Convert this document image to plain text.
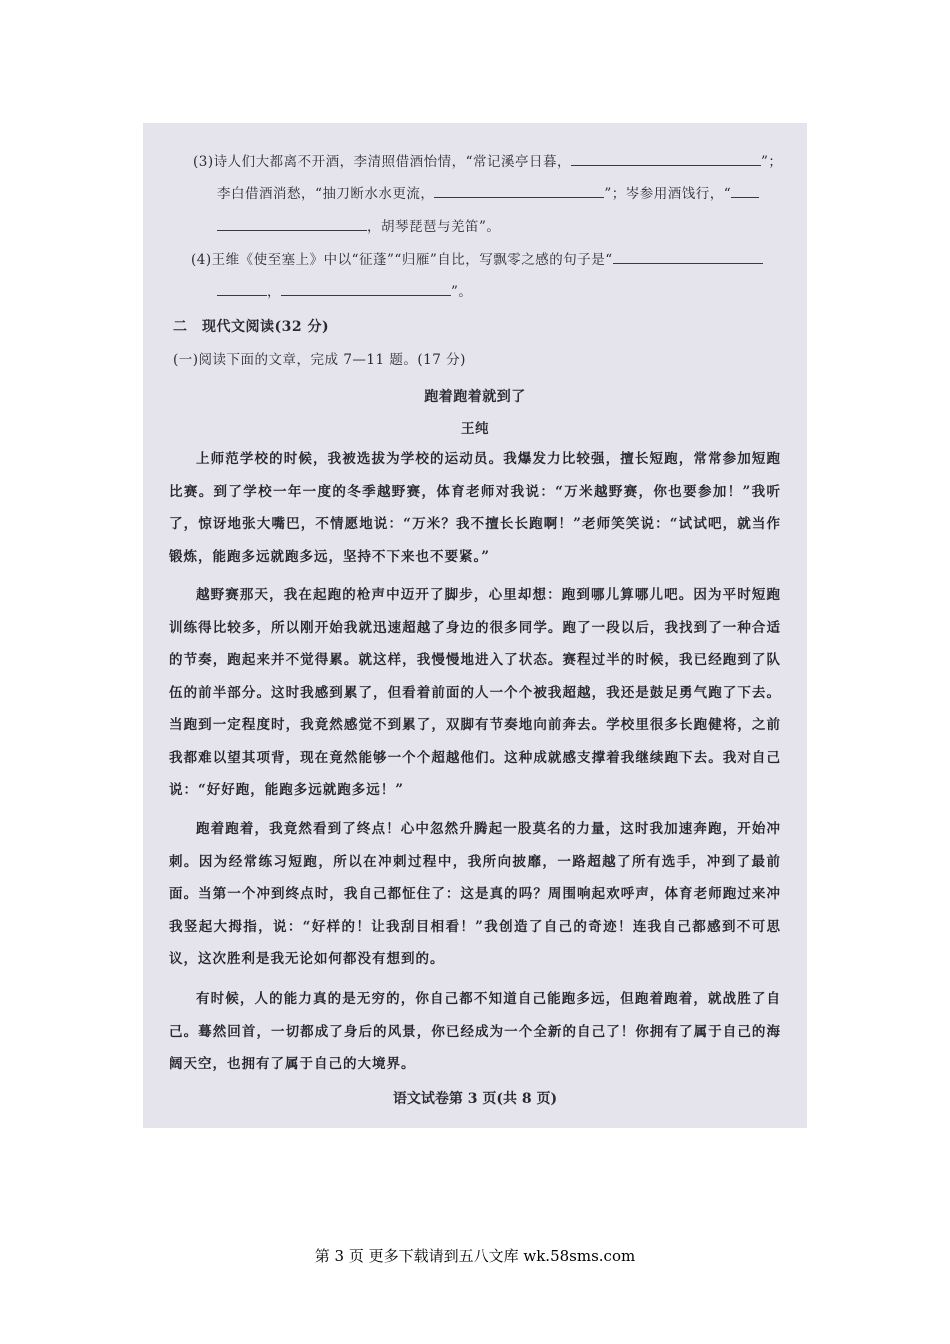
(3)诗人们大都离不开酒，李清照借酒怡情，“常记溪亭日暮，	”；
李白借酒消愁，“抽刀断水水更流，	”；岑参用酒饯行，“
，胡琴琵琶与羌笛”。
(4)王维《使至塞上》中以“征蓬”“归雁”自比，写飘零之感的句子是“
，	”。
二　现代文阅读(32 分)
(一)阅读下面的文章，完成 7—11 题。(17 分)
跑着跑着就到了
王纯
上师范学校的时候，我被选拔为学校的运动员。我爆发力比较强，擅长短跑，常常参加短跑比赛。到了学校一年一度的冬季越野赛，体育老师对我说：“万米越野赛，你也要参加！”我听了，惊讶地张大嘴巴，不情愿地说：“万米？我不擅长长跑啊！”老师笑笑说：“试试吧，就当作锻炼，能跑多远就跑多远，坚持不下来也不要紧。”
越野赛那天，我在起跑的枪声中迈开了脚步，心里却想：跑到哪儿算哪儿吧。因为平时短跑训练得比较多，所以刚开始我就迅速超越了身边的很多同学。跑了一段以后，我找到了一种合适的节奏，跑起来并不觉得累。就这样，我慢慢地进入了状态。赛程过半的时候，我已经跑到了队伍的前半部分。这时我感到累了，但看着前面的人一个个被我超越，我还是鼓足勇气跑了下去。当跑到一定程度时，我竟然感觉不到累了，双脚有节奏地向前奔去。学校里很多长跑健将，之前我都难以望其项背，现在竟然能够一个个超越他们。这种成就感支撑着我继续跑下去。我对自己说：“好好跑，能跑多远就跑多远！”
跑着跑着，我竟然看到了终点！心中忽然升腾起一股莫名的力量，这时我加速奔跑，开始冲刺。因为经常练习短跑，所以在冲刺过程中，我所向披靡，一路超越了所有选手，冲到了最前面。当第一个冲到终点时，我自己都怔住了：这是真的吗？周围响起欢呼声，体育老师跑过来冲我竖起大拇指，说：“好样的！让我刮目相看！”我创造了自己的奇迹！连我自己都感到不可思议，这次胜利是我无论如何都没有想到的。
有时候，人的能力真的是无穷的，你自己都不知道自己能跑多远，但跑着跑着，就战胜了自己。蓦然回首，一切都成了身后的风景，你已经成为一个全新的自己了！你拥有了属于自己的海阔天空，也拥有了属于自己的大境界。
语文试卷第 3 页(共 8 页)
第 3 页 更多下载请到五八文库 wk.58sms.com
